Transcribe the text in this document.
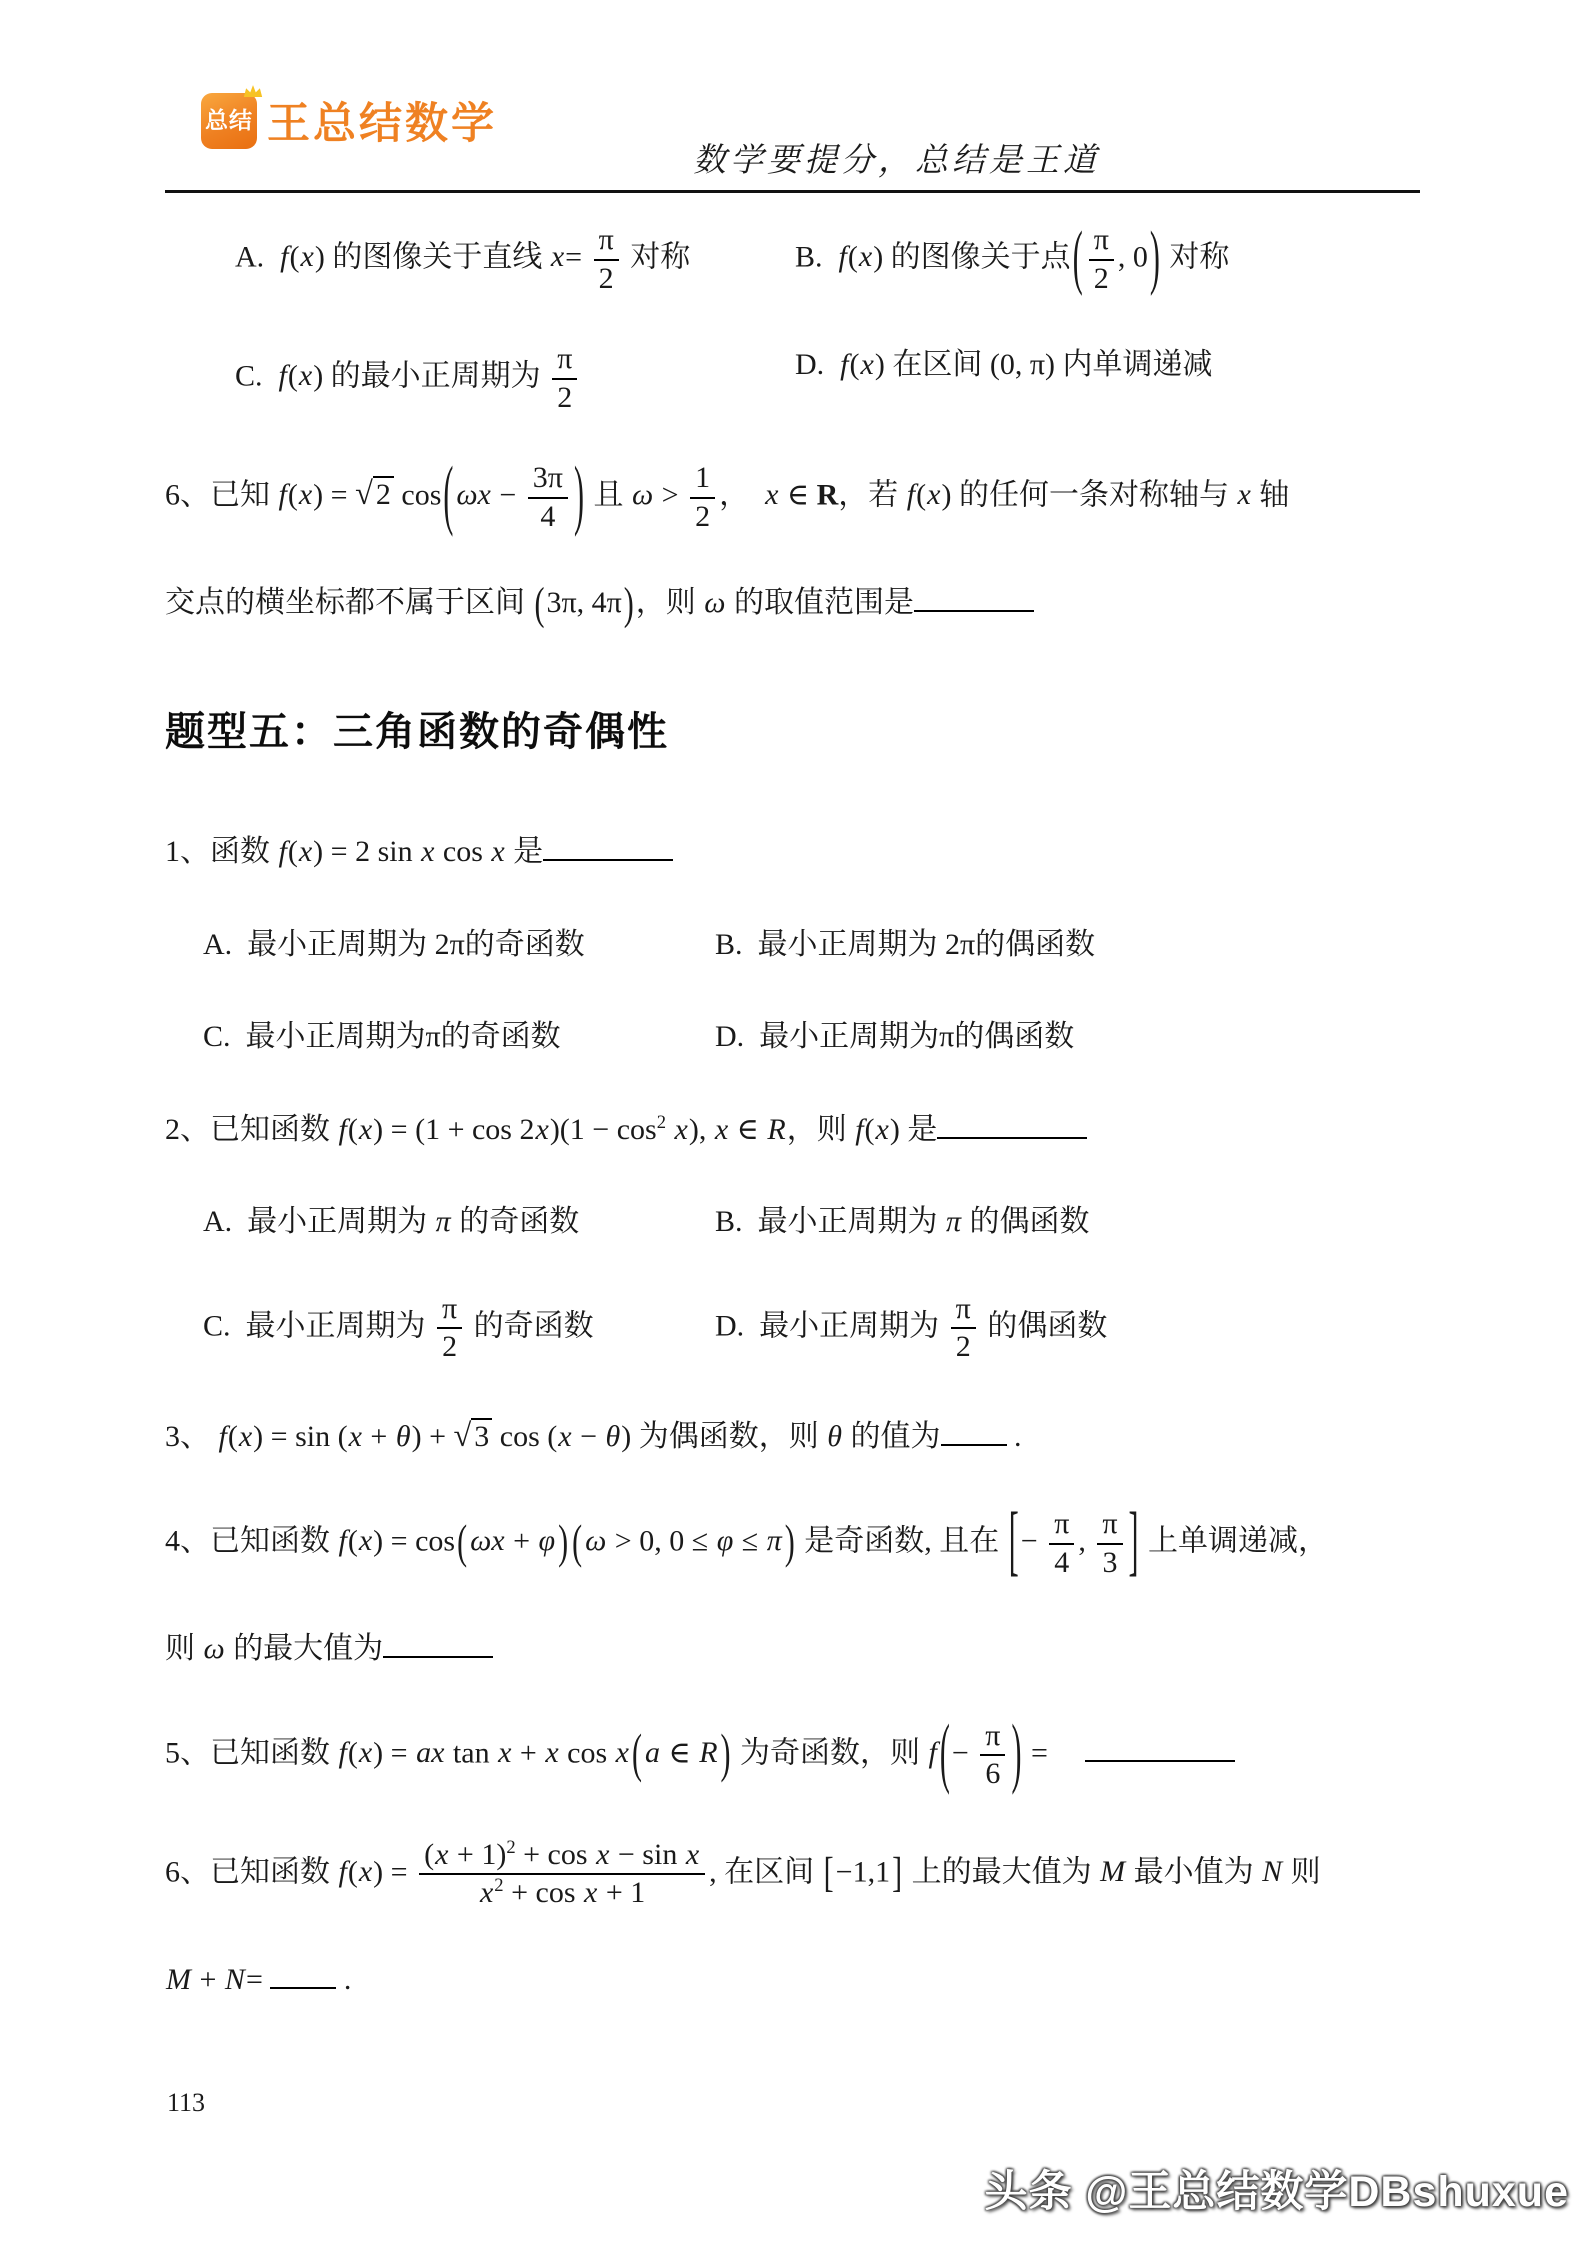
总结 王总结数学
数学要提分，总结是王道
A.  f(x) 的图像关于直线 $x= \frac{\pi}{2}$ 对称	B.  f(x) 的图像关于点( $\frac{\pi}{2}$ , 0) 对称
C.  f(x) 的最小正周期为 $\frac{\pi}{2}$	D.  f(x) 在区间 (0, π) 内单调递减
6、已知 f(x) = √ 2 cos( $\omega x - \frac{3\pi}{4}$ ) 且 $\omega > \frac{1}{2}$ ，  x ∈ R，若 f(x) 的任何一条对称轴与 x 轴
交点的横坐标都不属于区间 (3π, 4π)，则 ω 的取值范围是
题型五：三角函数的奇偶性
1、函数 f(x) = 2 sin x cos x 是
A.  最小正周期为 2π的奇函数	B.  最小正周期为 2π的偶函数
C.  最小正周期为π的奇函数	D.  最小正周期为π的偶函数
2、已知函数 $f(x) = (1 + \cos 2x)(1 - \cos^2 x)$, x ∈ R，则 f(x) 是
A.  最小正周期为 π 的奇函数	B.  最小正周期为 π 的偶函数
C.  最小正周期为 $\frac{\pi}{2}$ 的奇函数	D.  最小正周期为 $\frac{\pi}{2}$ 的偶函数
3、 f(x) = sin (x + θ) + √ 3 cos (x − θ) 为偶函数，则 θ 的值为 .
4、已知函数 f(x) = cos( ωx + φ ) ( ω > 0, 0 ≤ φ ≤ π ) 是奇函数, 且在 [− $\frac{\pi}{4}$ , $\frac{\pi}{3}$ ] 上单调递减，
则 ω 的最大值为
5、已知函数 f(x) = ax tan x + x cos x ( a ∈ R ) 为奇函数，则 f (− $\frac{\pi}{6}$ ) =
6、已知函数 $f(x) = \frac{(x + 1)^2 + \cos x - \sin x}{x^2 + \cos x + 1}$ , 在区间 [−1,1] 上的最大值为 M 最小值为 N 则
M + N=  .
113
头条 @王总结数学DBshuxue
